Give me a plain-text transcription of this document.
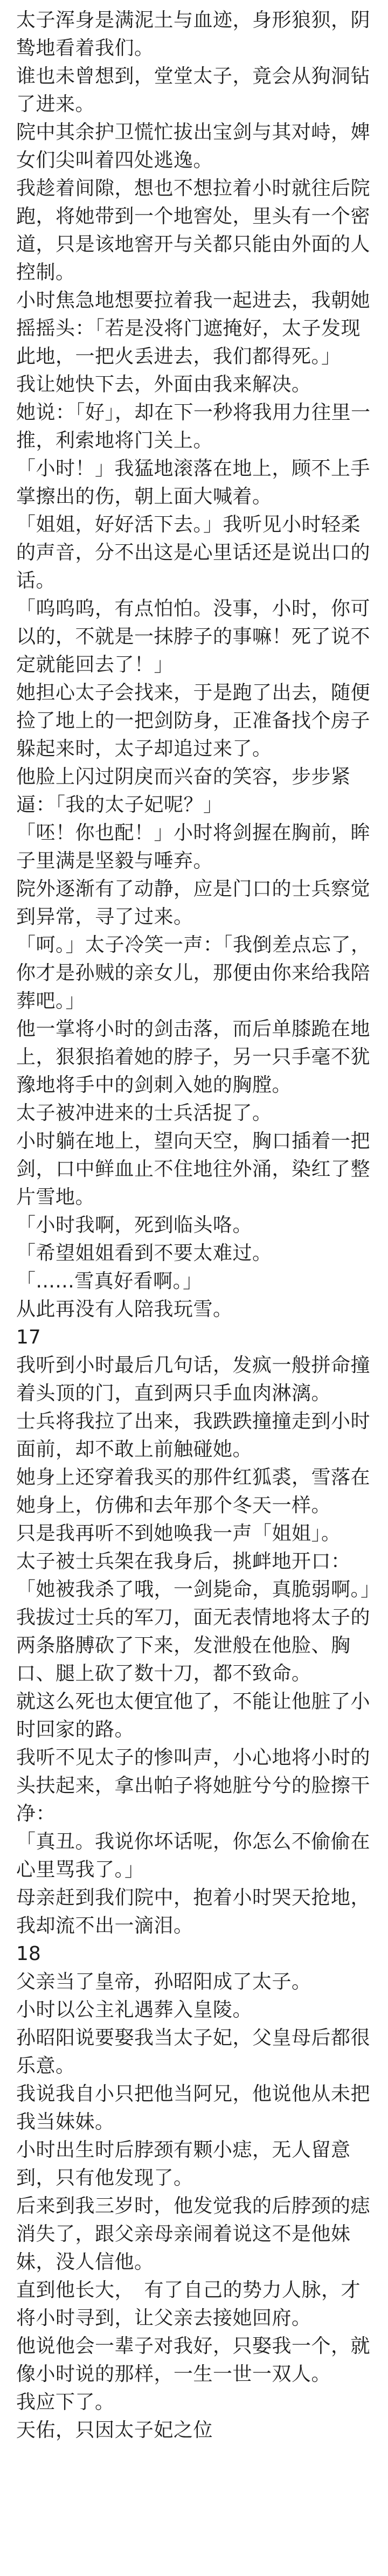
太子浑身是满泥土与血迹，身形狼狈，阴鸷地看着我们。

谁也未曾想到，堂堂太子，竟会从狗洞钻了进来。

院中其余护卫慌忙拔出宝剑与其对峙，婢女们尖叫着四处逃逸。

我趁着间隙，想也不想拉着小时就往后院跑，将她带到一个地窖处，里头有一个密道，只是该地窖开与关都只能由外面的人控制。

小时焦急地想要拉着我一起进去，我朝她摇摇头：「若是没将门遮掩好，太子发现此地，一把火丢进去，我们都得死。」

我让她快下去，外面由我来解决。

她说：「好」，却在下一秒将我用力往里一推，利索地将门关上。

「小时！」我猛地滚落在地上，顾不上手掌擦出的伤，朝上面大喊着。

「姐姐，好好活下去。」我听见小时轻柔的声音，分不出这是心里话还是说出口的话。

「呜呜呜，有点怕怕。没事，小时，你可以的，不就是一抹脖子的事嘛！死了说不定就能回去了！」

她担心太子会找来，于是跑了出去，随便捡了地上的一把剑防身，正准备找个房子躲起来时，太子却追过来了。

他脸上闪过阴戾而兴奋的笑容，步步紧逼：「我的太子妃呢？」

「呸！你也配！」小时将剑握在胸前，眸子里满是坚毅与唾弃。

院外逐渐有了动静，应是门口的士兵察觉到异常，寻了过来。

「呵。」太子冷笑一声：「我倒差点忘了，你才是孙贼的亲女儿，那便由你来给我陪葬吧。」

他一掌将小时的剑击落，而后单膝跪在地上，狠狠掐着她的脖子，另一只手毫不犹豫地将手中的剑刺入她的胸膛。

太子被冲进来的士兵活捉了。

小时躺在地上，望向天空，胸口插着一把剑，口中鲜血止不住地往外涌，染红了整片雪地。

「小时我啊，死到临头咯。

「希望姐姐看到不要太难过。

「......雪真好看啊。」

从此再没有人陪我玩雪。

17

我听到小时最后几句话，发疯一般拼命撞着头顶的门，直到两只手血肉淋漓。

士兵将我拉了出来，我跌跌撞撞走到小时面前，却不敢上前触碰她。

她身上还穿着我买的那件红狐裘，雪落在她身上，仿佛和去年那个冬天一样。

只是我再听不到她唤我一声「姐姐」。

太子被士兵架在我身后，挑衅地开口：「她被我杀了哦，一剑毙命，真脆弱啊。」

我拔过士兵的军刀，面无表情地将太子的两条胳膊砍了下来，发泄般在他脸、胸口、腿上砍了数十刀，都不致命。

就这么死也太便宜他了，不能让他脏了小时回家的路。

我听不见太子的惨叫声，小心地将小时的头扶起来，拿出帕子将她脏兮兮的脸擦干净：

「真丑。我说你坏话呢，你怎么不偷偷在心里骂我了。」

母亲赶到我们院中，抱着小时哭天抢地，我却流不出一滴泪。

18

父亲当了皇帝，孙昭阳成了太子。

小时以公主礼遇葬入皇陵。

孙昭阳说要娶我当太子妃，父皇母后都很乐意。

我说我自小只把他当阿兄，他说他从未把我当妹妹。

小时出生时后脖颈有颗小痣，无人留意到，只有他发现了。

后来到我三岁时，他发觉我的后脖颈的痣消失了，跟父亲母亲闹着说这不是他妹妹，没人信他。

直到他长大，　有了自己的势力人脉，才将小时寻到，让父亲去接她回府。

他说他会一辈子对我好，只娶我一个，就像小时说的那样，一生一世一双人。

我应下了。

天佑，只因太子妃之位
